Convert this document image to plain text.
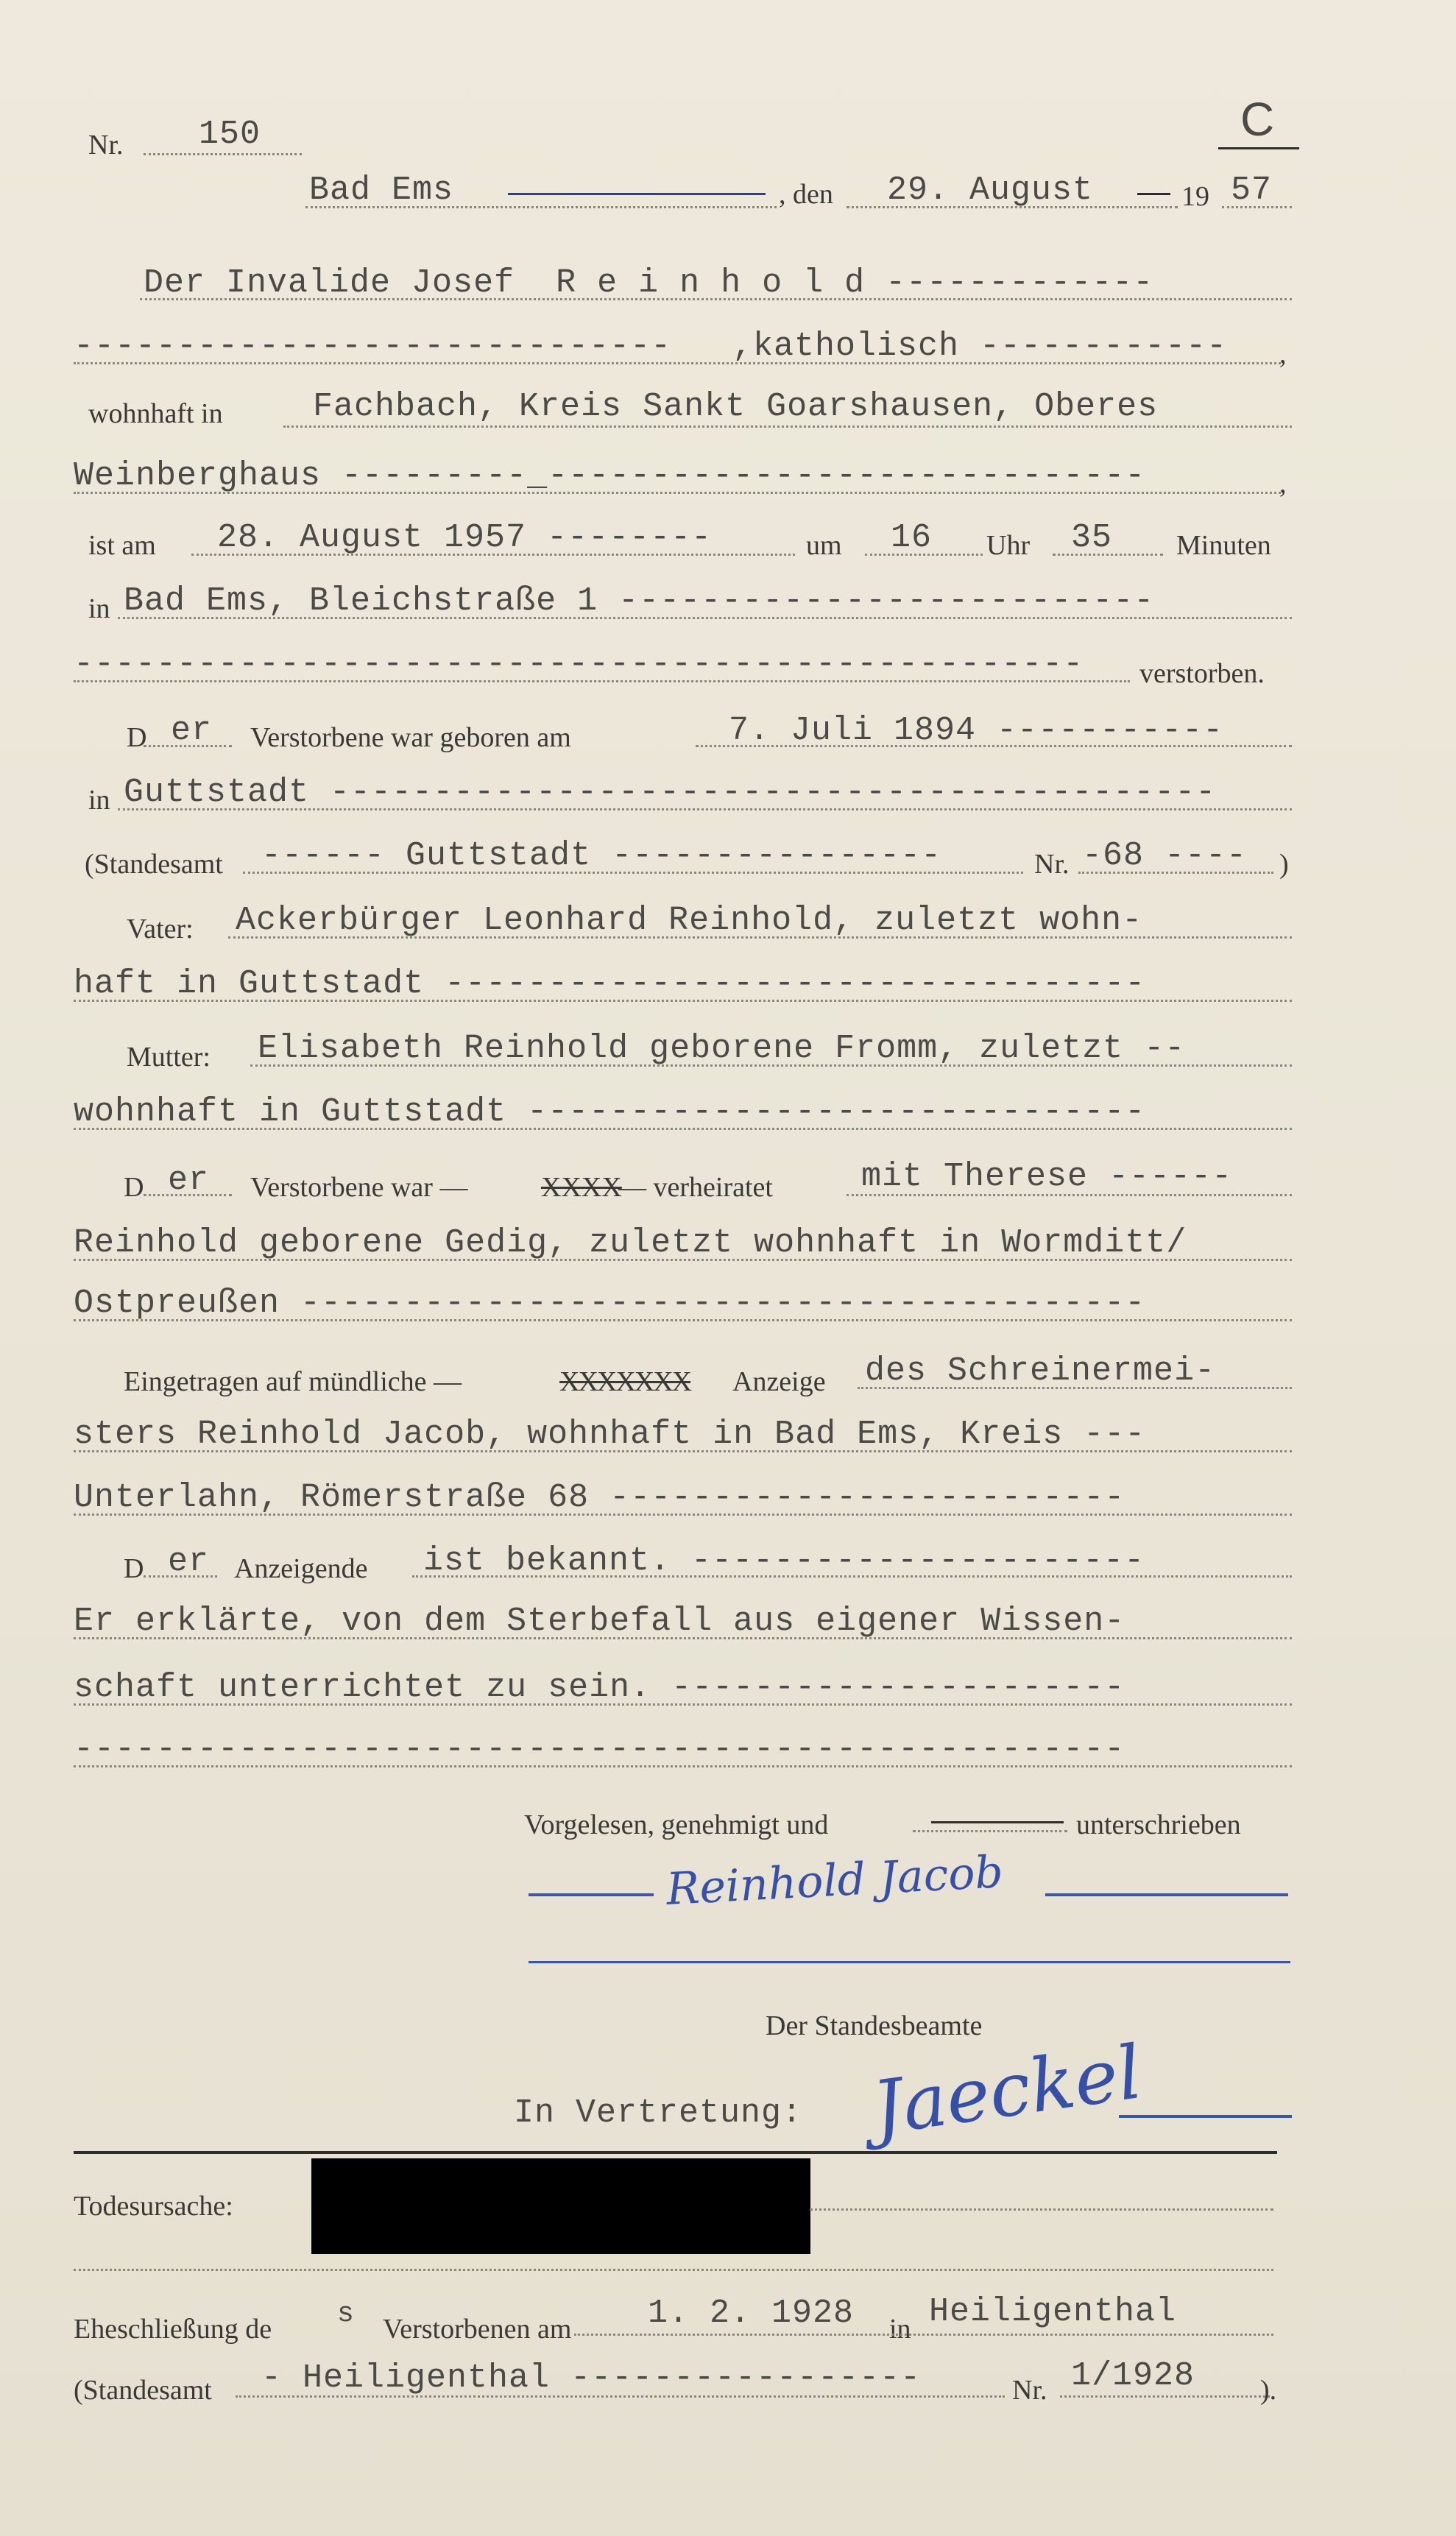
Nr. 150	C
Bad Ems	, den 29. August	19 57
Der Invalide Josef  R e i n h o l d -------------
----------------------------- ,katholisch ------------ ,
wohnhaft in	Fachbach, Kreis Sankt Goarshausen, Oberes
Weinberghaus ---------_-----------------------------	,
ist am 28. August 1957 --------	um 16 Uhr 35 Minuten
in Bad Ems, Bleichstraße 1 --------------------------
------------------------------------------------- verstorben.
D er Verstorbene war geboren am	7. Juli 1894 -----------
in Guttstadt -------------------------------------------
(Standesamt ------ Guttstadt ----------------	Nr. -68 ---- )
Vater: Ackerbürger Leonhard Reinhold, zuletzt wohn-
haft in Guttstadt ----------------------------------
Mutter: Elisabeth Reinhold geborene Fromm, zuletzt --
wohnhaft in Guttstadt ------------------------------
D er Verstorbene war —	XXXX
— verheiratet	mit Therese ------
Reinhold geborene Gedig, zuletzt wohnhaft in Wormditt/
Ostpreußen -----------------------------------------
Eingetragen auf mündliche —	XXXXXXX Anzeige des Schreinermei-
sters Reinhold Jacob, wohnhaft in Bad Ems, Kreis ---
Unterlahn, Römerstraße 68 -------------------------
D er Anzeigende ist bekannt. ----------------------
Er erklärte, von dem Sterbefall aus eigener Wissen-
schaft unterrichtet zu sein. ----------------------
---------------------------------------------------
Vorgelesen, genehmigt und	unterschrieben
Reinhold Jacob
Der Standesbeamte
In Vertretung: Jaeckel
Todesursache:
Eheschließung de s Verstorbenen am 1. 2. 1928 in Heiligenthal
(Standesamt - Heiligenthal -----------------	Nr. 1/1928 ).
